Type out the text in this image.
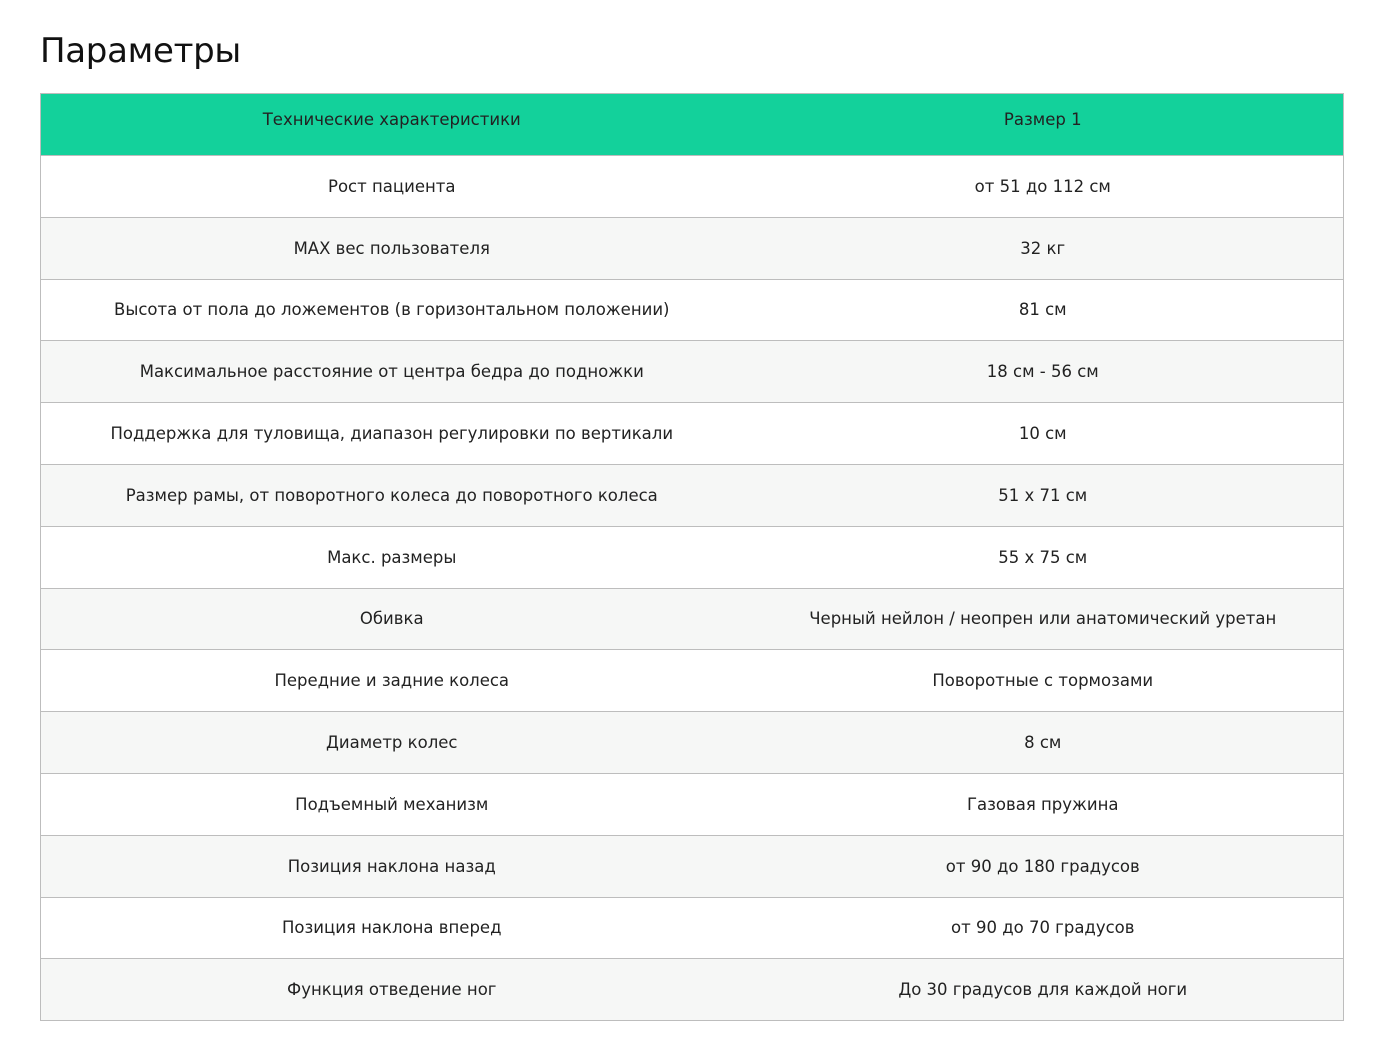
Параметры
Технические характеристики	Размер 1
Рост пациента	от 51 до 112 см
MAX вес пользователя	32 кг
Высота от пола до ложементов (в горизонтальном положении)	81 см
Максимальное расстояние от центра бедра до подножки	18 см - 56 см
Поддержка для туловища, диапазон регулировки по вертикали	10 см
Размер рамы, от поворотного колеса до поворотного колеса	51 х 71 см
Макс. размеры	55 х 75 см
Обивка	Черный нейлон / неопрен или анатомический уретан
Передние и задние колеса	Поворотные с тормозами
Диаметр колес	8 см
Подъемный механизм	Газовая пружина
Позиция наклона назад	от 90 до 180 градусов
Позиция наклона вперед	от 90 до 70 градусов
Функция отведение ног	До 30 градусов для каждой ноги
